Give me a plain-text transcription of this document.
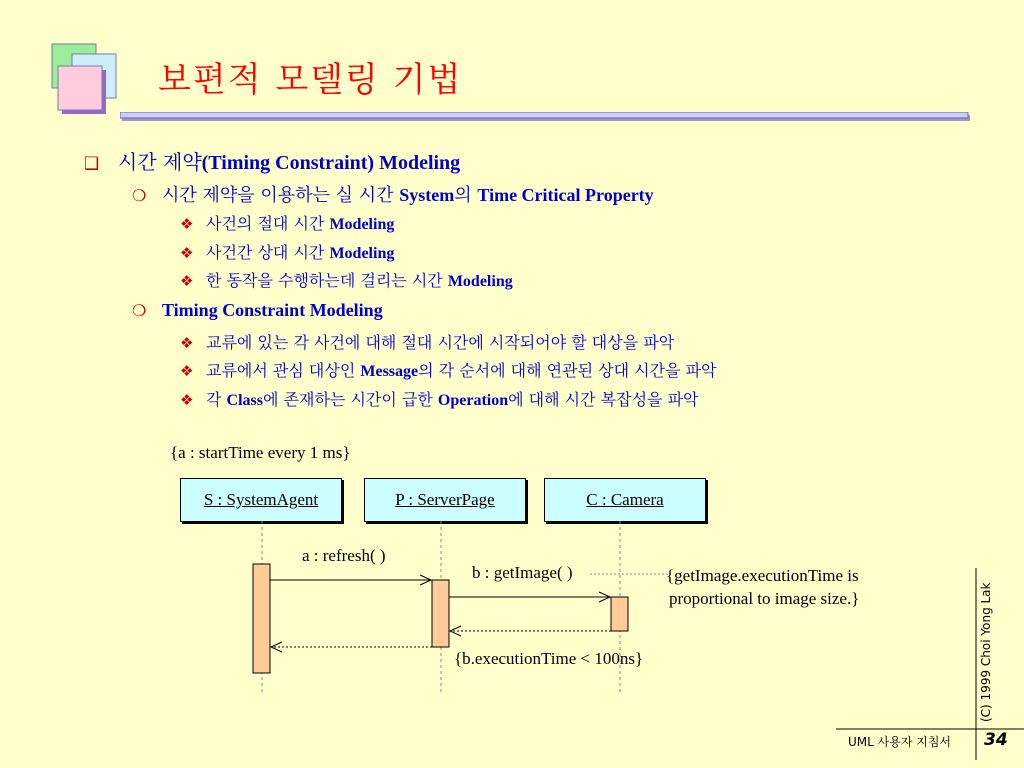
보편적 모델링 기법
❑ 시간 제약(Timing Constraint) Modeling
❍ 시간 제약을 이용하는 실 시간 System의 Time Critical Property
❖ 사건의 절대 시간 Modeling
❖ 사건간 상대 시간 Modeling
❖ 한 동작을 수행하는데 걸리는 시간 Modeling
❍ Timing Constraint Modeling
❖ 교류에 있는 각 사건에 대해 절대 시간에 시작되어야 할 대상을 파악
❖ 교류에서 관심 대상인 Message의 각 순서에 대해 연관된 상대 시간을 파악
❖ 각 Class에 존재하는 시간이 급한 Operation에 대해 시간 복잡성을 파악
{a : startTime every 1 ms}
S : SystemAgent	P : ServerPage	C : Camera
a : refresh( )
b : getImage( )	{getImage.executionTime is
proportional to image size.}
{b.executionTime < 100ns}
UML 사용자 지침서 34
(C) 1999 Choi Yong Lak
